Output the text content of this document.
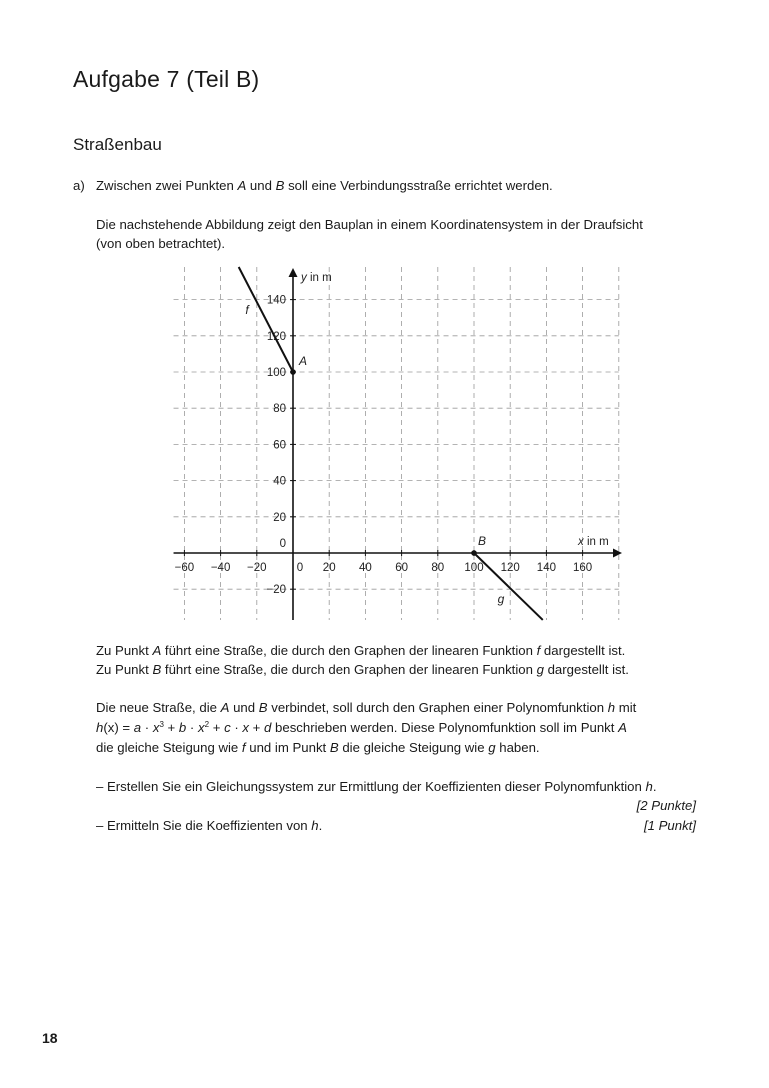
Aufgabe 7 (Teil B)
Straßenbau
a) Zwischen zwei Punkten A und B soll eine Verbindungsstraße errichtet werden.
Die nachstehende Abbildung zeigt den Bauplan in einem Koordinatensystem in der Draufsicht
(von oben betrachtet).
−60 −40 −20	0 20 40 60 80 100 120 140 160
−20
0
20
40
60
80
100
120
140
x in m
y in m
f
g
A
B
Zu Punkt A führt eine Straße, die durch den Graphen der linearen Funktion f dargestellt ist.
Zu Punkt B führt eine Straße, die durch den Graphen der linearen Funktion g dargestellt ist.
Die neue Straße, die A und B verbindet, soll durch den Graphen einer Polynomfunktion h mit
$h(x) = a \cdot x^3 + b \cdot x^2 + c \cdot x + d$ beschrieben werden. Diese Polynomfunktion soll im Punkt A
die gleiche Steigung wie f und im Punkt B die gleiche Steigung wie g haben.
– Erstellen Sie ein Gleichungssystem zur Ermittlung der Koeffizienten dieser Polynomfunktion h.
[2 Punkte]
– Ermitteln Sie die Koeffizienten von h.	[1 Punkt]
18
